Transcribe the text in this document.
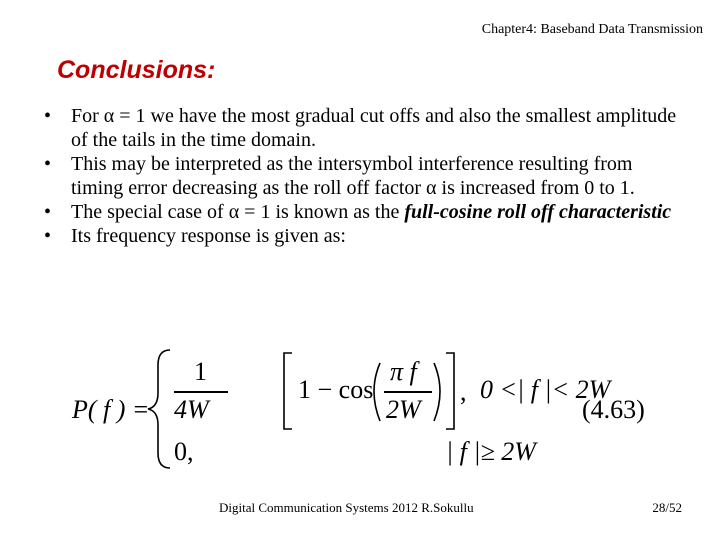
Chapter4: Baseband Data Transmission
Conclusions:
• For α = 1 we have the most gradual cut offs and also the smallest amplitude of the tails in the time domain.
• This may be interpreted as the intersymbol interference resulting from timing error decreasing as the roll off factor α is increased from 0 to 1.
• The special case of α = 1 is known as the full-cosine roll off characteristic
• Its frequency response is given as:
P( f ) =
1
4W
1 − cos
π f
2W
, 0 <| f |< 2W
0,	| f |≥ 2W
(4.63)
Digital Communication Systems 2012 R.Sokullu	28/52
